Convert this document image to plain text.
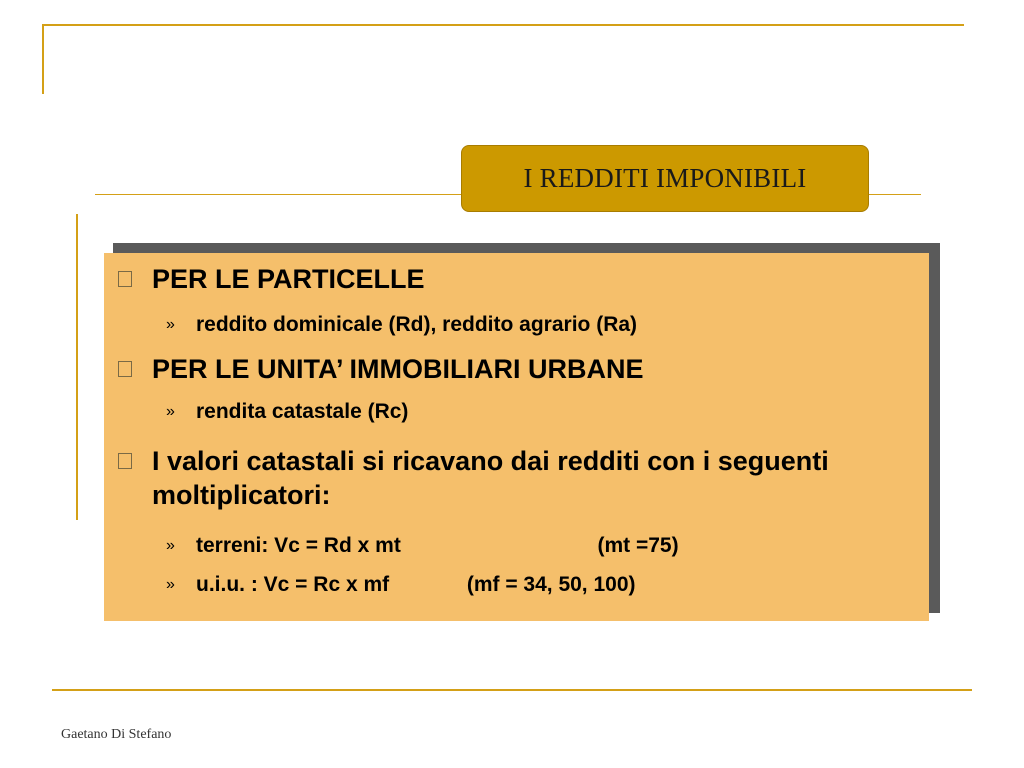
I REDDITI IMPONIBILI
PER LE PARTICELLE
» reddito dominicale (Rd), reddito agrario (Ra)
PER LE UNITA’ IMMOBILIARI URBANE
» rendita catastale (Rc)
I valori catastali si ricavano dai redditi con i seguenti moltiplicatori:
» terreni: Vc = Rd x mt	(mt =75)
» u.i.u. : Vc = Rc x mf	(mf = 34, 50, 100)
Gaetano Di Stefano
